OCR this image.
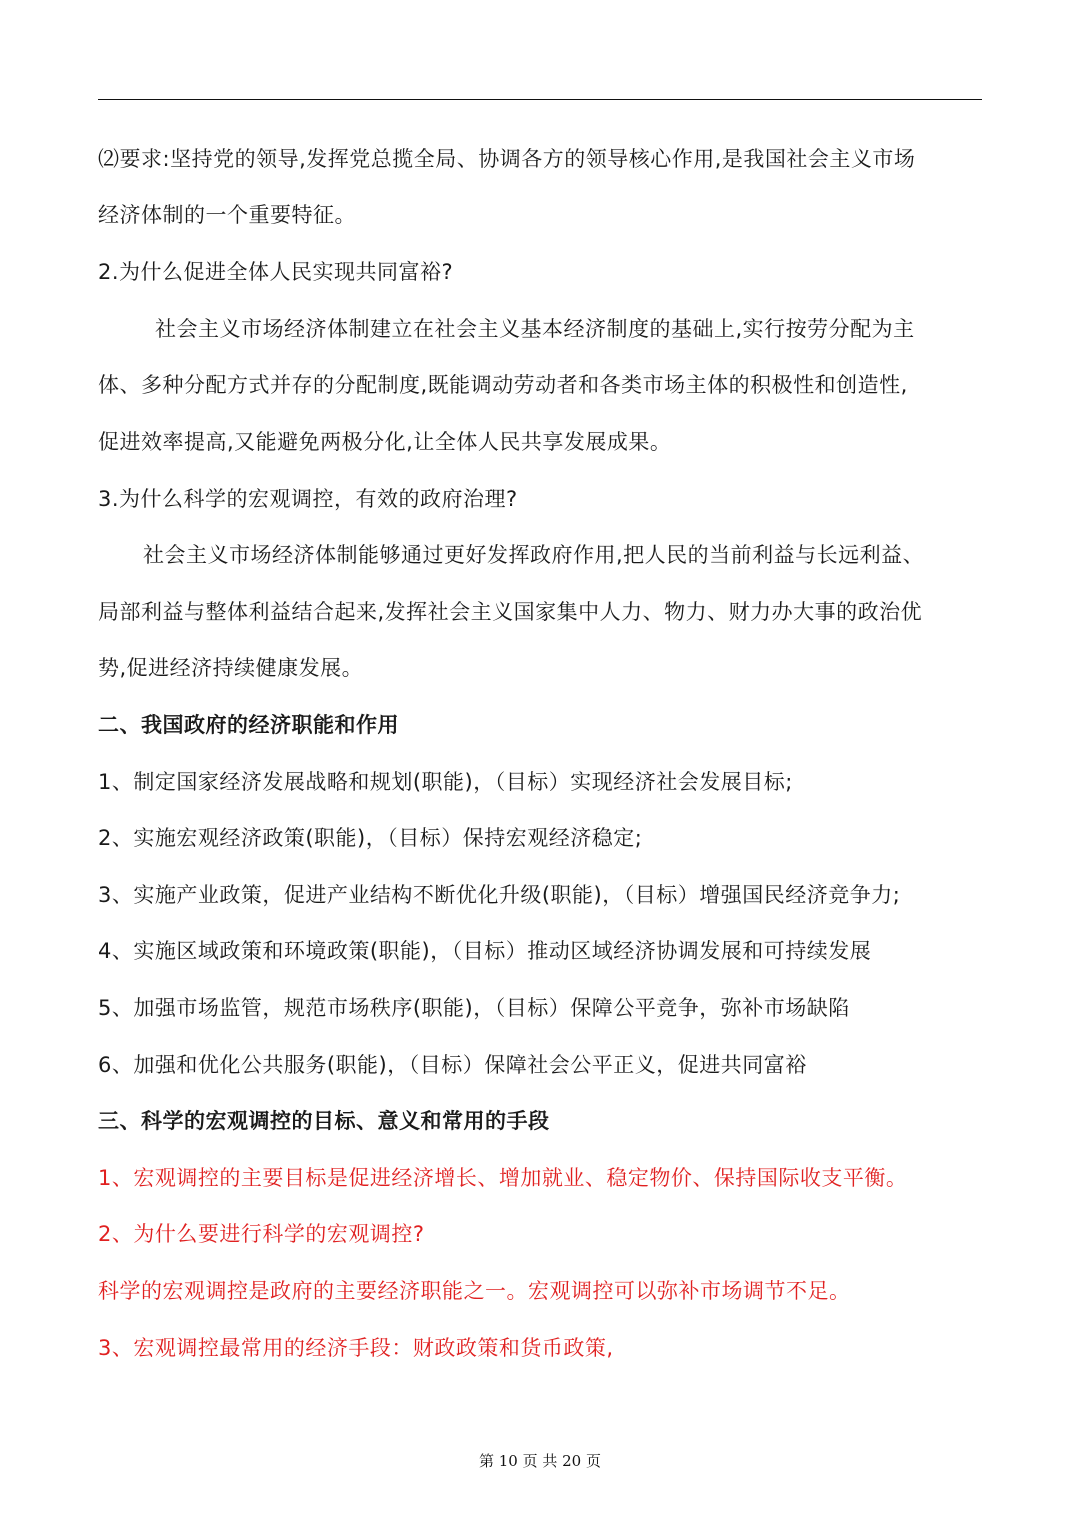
⑵要求:坚持党的领导,发挥党总揽全局、协调各方的领导核心作用,是我国社会主义市场
经济体制的一个重要特征。
2.为什么促进全体人民实现共同富裕?
社会主义市场经济体制建立在社会主义基本经济制度的基础上,实行按劳分配为主
体、多种分配方式并存的分配制度,既能调动劳动者和各类市场主体的积极性和创造性,
促进效率提高,又能避免两极分化,让全体人民共享发展成果。
3.为什么科学的宏观调控，有效的政府治理?
社会主义市场经济体制能够通过更好发挥政府作用,把人民的当前利益与长远利益、
局部利益与整体利益结合起来,发挥社会主义国家集中人力、物力、财力办大事的政治优
势,促进经济持续健康发展。
二、我国政府的经济职能和作用
1、制定国家经济发展战略和规划(职能)，（目标）实现经济社会发展目标;
2、实施宏观经济政策(职能)，（目标）保持宏观经济稳定;
3、实施产业政策，促进产业结构不断优化升级(职能)，（目标）增强国民经济竞争力;
4、实施区域政策和环境政策(职能)，（目标）推动区域经济协调发展和可持续发展
5、加强市场监管，规范市场秩序(职能)，（目标）保障公平竞争，弥补市场缺陷
6、加强和优化公共服务(职能)，（目标）保障社会公平正义，促进共同富裕
三、科学的宏观调控的目标、意义和常用的手段
1、宏观调控的主要目标是促进经济增长、增加就业、稳定物价、保持国际收支平衡。
2、为什么要进行科学的宏观调控?
科学的宏观调控是政府的主要经济职能之一。宏观调控可以弥补市场调节不足。
3、宏观调控最常用的经济手段：财政政策和货币政策,
第 10 页 共 20 页
